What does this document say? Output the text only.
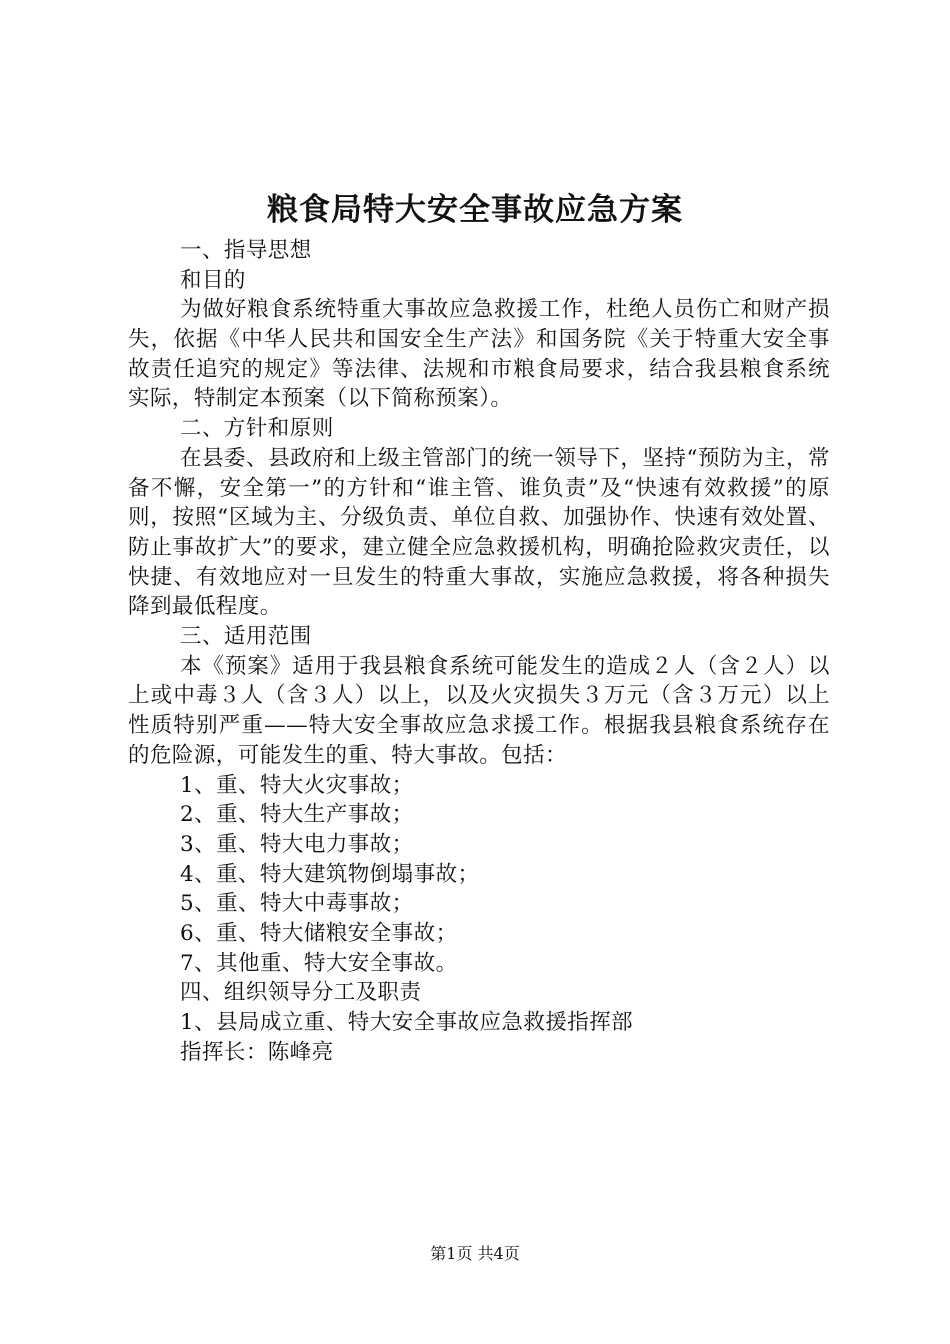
粮食局特大安全事故应急方案

一、指导思想

和目的

为做好粮食系统特重大事故应急救援工作，杜绝人员伤亡和财产损失，依据《中华人民共和国安全生产法》和国务院《关于特重大安全事故责任追究的规定》等法律、法规和市粮食局要求，结合我县粮食系统实际，特制定本预案（以下简称预案）。

二、方针和原则

在县委、县政府和上级主管部门的统一领导下，坚持“预防为主，常备不懈，安全第一”的方针和“谁主管、谁负责”及“快速有效救援”的原则，按照“区域为主、分级负责、单位自救、加强协作、快速有效处置、防止事故扩大”的要求，建立健全应急救援机构，明确抢险救灾责任，以快捷、有效地应对一旦发生的特重大事故，实施应急救援，将各种损失降到最低程度。

三、适用范围

本《预案》适用于我县粮食系统可能发生的造成２人（含２人）以上或中毒３人（含３人）以上，以及火灾损失３万元（含３万元）以上性质特别严重——特大安全事故应急求援工作。根据我县粮食系统存在的危险源，可能发生的重、特大事故。包括：

1、重、特大火灾事故；

2、重、特大生产事故；

3、重、特大电力事故；

4、重、特大建筑物倒塌事故；

5、重、特大中毒事故；

6、重、特大储粮安全事故；

7、其他重、特大安全事故。

四、组织领导分工及职责

1、县局成立重、特大安全事故应急救援指挥部

指挥长：陈峰亮

第1页 共4页
